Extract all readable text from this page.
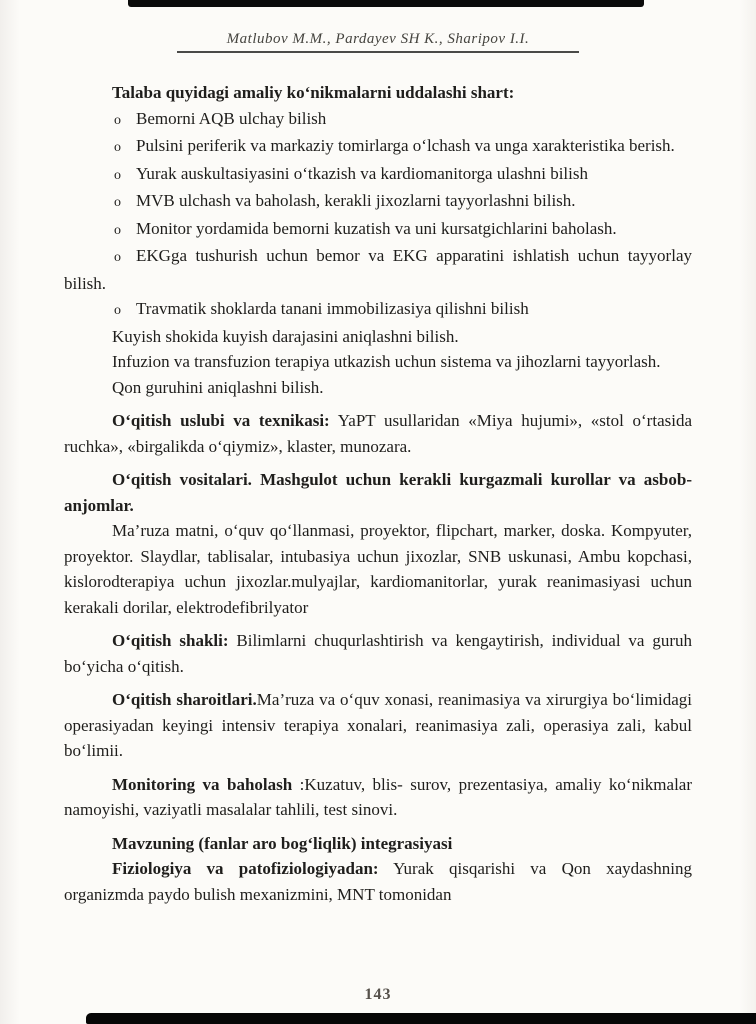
Matlubov M.M., Pardayev SH K., Sharipov I.I.

Talaba quyidagi amaliy ko‘nikmalarni uddalashi shart:

o Bemorni AQB ulchay bilish

o Pulsini periferik va markaziy tomirlarga o‘lchash va unga xarakteristika berish.

o Yurak auskultasiyasini o‘tkazish va kardiomanitorga ulashni bilish

o MVB ulchash va baholash, kerakli jixozlarni tayyorlashni bilish.

o Monitor yordamida bemorni kuzatish va uni kursatgichlarini baholash.

o EKGga tushurish uchun bemor va EKG apparatini ishlatish uchun tayyorlay bilish.

o Travmatik shoklarda tanani immobilizasiya qilishni bilish

Kuyish shokida kuyish darajasini aniqlashni bilish.

Infuzion va transfuzion terapiya utkazish uchun sistema va jihozlarni tayyorlash.

Qon guruhini aniqlashni bilish.

O‘qitish uslubi va texnikasi: YaPT usullaridan «Miya hujumi», «stol o‘rtasida ruchka», «birgalikda o‘qiymiz», klaster, munozara.

O‘qitish vositalari. Mashgulot uchun kerakli kurgazmali kurollar va asbob-anjomlar.

Ma’ruza matni, o‘quv qo‘llanmasi, proyektor, flipchart, marker, doska. Kompyuter, proyektor. Slaydlar, tablisalar, intubasiya uchun jixozlar, SNB uskunasi, Ambu kopchasi, kislorodterapiya uchun jixozlar.mulyajlar, kardiomanitorlar, yurak reanimasiyasi uchun kerakali dorilar, elektrodefibrilyator

O‘qitish shakli: Bilimlarni chuqurlashtirish va kengaytirish, individual va guruh bo‘yicha o‘qitish.

O‘qitish sharoitlari.Ma’ruza va o‘quv xonasi, reanimasiya va xirurgiya bo‘limidagi operasiyadan keyingi intensiv terapiya xonalari, reanimasiya zali, operasiya zali, kabul bo‘limii.

Monitoring va baholash :Kuzatuv, blis- surov, prezentasiya, amaliy ko‘nikmalar namoyishi, vaziyatli masalalar tahlili, test sinovi.

Mavzuning (fanlar aro bog‘liqlik) integrasiyasi

Fiziologiya va patofiziologiyadan: Yurak qisqarishi va Qon xaydashning organizmda paydo bulish mexanizmini, MNT tomonidan

143
